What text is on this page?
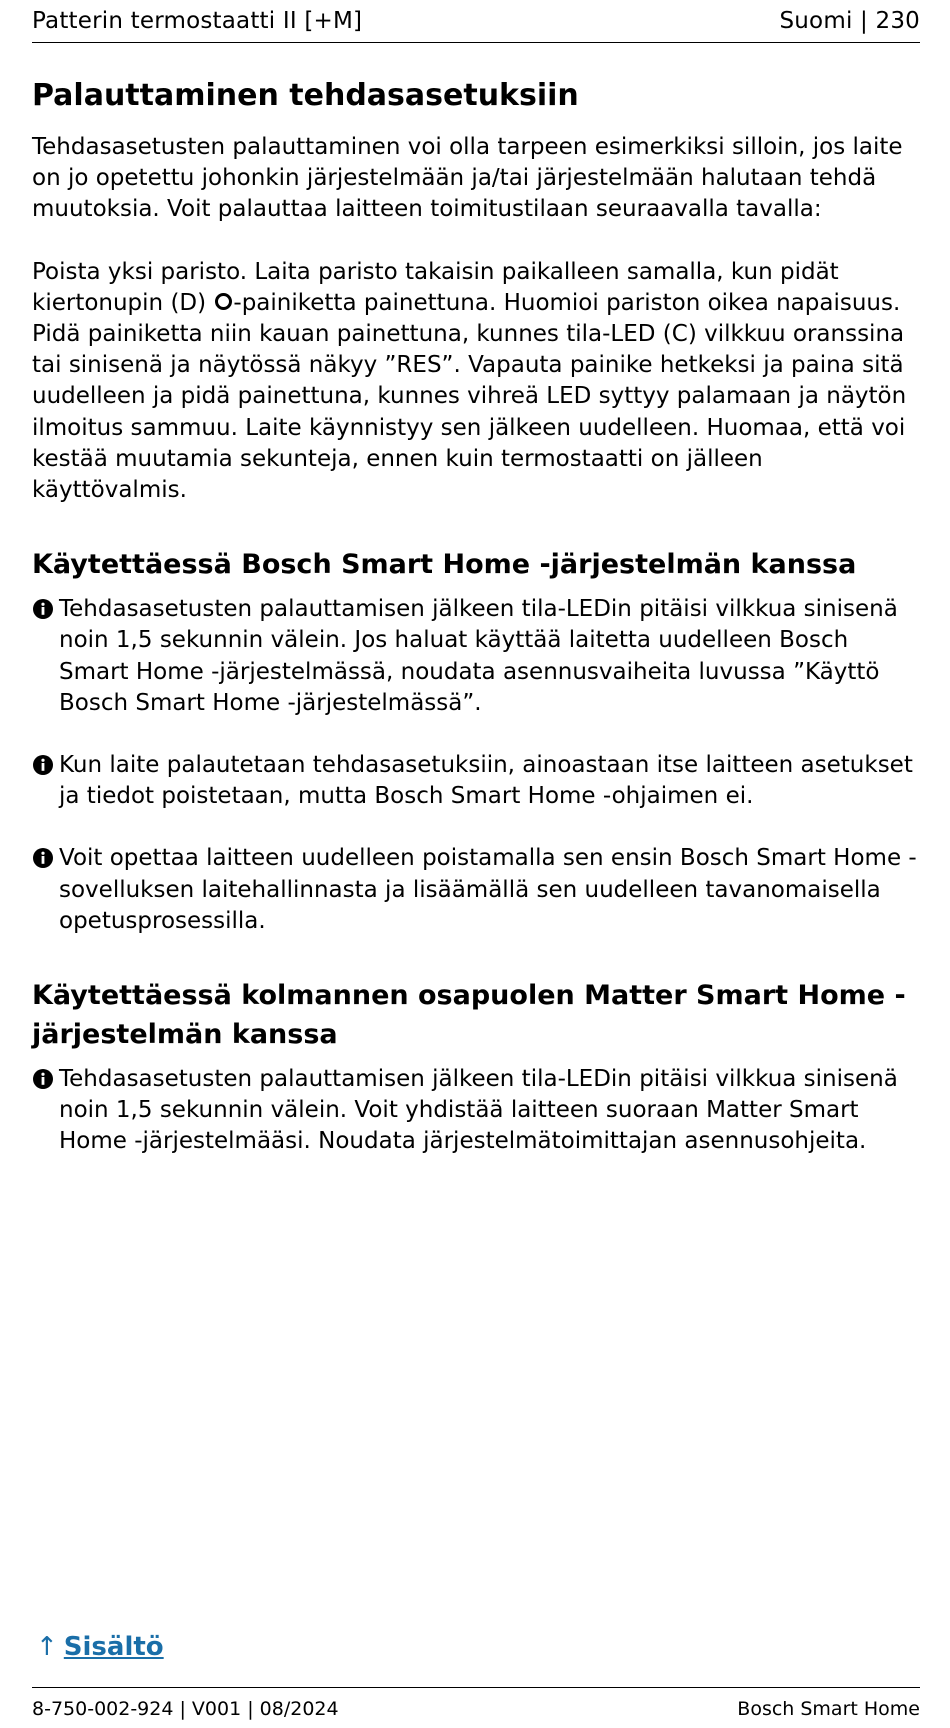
Patterin termostaatti II [+M]	Suomi | 230
Palauttaminen tehdasasetuksiin

Tehdasasetusten palauttaminen voi olla tarpeen esimerkiksi silloin, jos laite on jo opetettu johonkin järjestelmään ja/tai järjestelmään halutaan tehdä muutoksia. Voit palauttaa laitteen toimitustilaan seuraavalla tavalla:

Poista yksi paristo. Laita paristo takaisin paikalleen samalla, kun pidät kiertonupin (D) -painiketta painettuna. Huomioi pariston oikea napaisuus. Pidä painiketta niin kauan painettuna, kunnes tila-LED (C) vilkkuu oranssina tai sinisenä ja näytössä näkyy ”RES”. Vapauta painike hetkeksi ja paina sitä uudelleen ja pidä painettuna, kunnes vihreä LED syttyy palamaan ja näytön ilmoitus sammuu. Laite käynnistyy sen jälkeen uudelleen. Huomaa, että voi kestää muutamia sekunteja, ennen kuin termostaatti on jälleen käyttövalmis.

Käytettäessä Bosch Smart Home -järjestelmän kanssa
Tehdasasetusten palauttamisen jälkeen tila-LEDin pitäisi vilkkua sinisenä noin 1,5 sekunnin välein. Jos haluat käyttää laitetta uudelleen Bosch Smart Home -järjestelmässä, noudata asennusvaiheita luvussa ”Käyttö Bosch Smart Home -järjestelmässä”.
Kun laite palautetaan tehdasasetuksiin, ainoastaan itse laitteen asetukset ja tiedot poistetaan, mutta Bosch Smart Home -ohjaimen ei.
Voit opettaa laitteen uudelleen poistamalla sen ensin Bosch Smart Home -sovelluksen laitehallinnasta ja lisäämällä sen uudelleen tavanomaisella opetusprosessilla.
Käytettäessä kolmannen osapuolen Matter Smart Home -järjestelmän kanssa
Tehdasasetusten palauttamisen jälkeen tila-LEDin pitäisi vilkkua sinisenä noin 1,5 sekunnin välein. Voit yhdistää laitteen suoraan Matter Smart Home -järjestelmääsi. Noudata järjestelmätoimittajan asennusohjeita.
↑ Sisältö
8-750-002-924 | V001 | 08/2024	Bosch Smart Home
